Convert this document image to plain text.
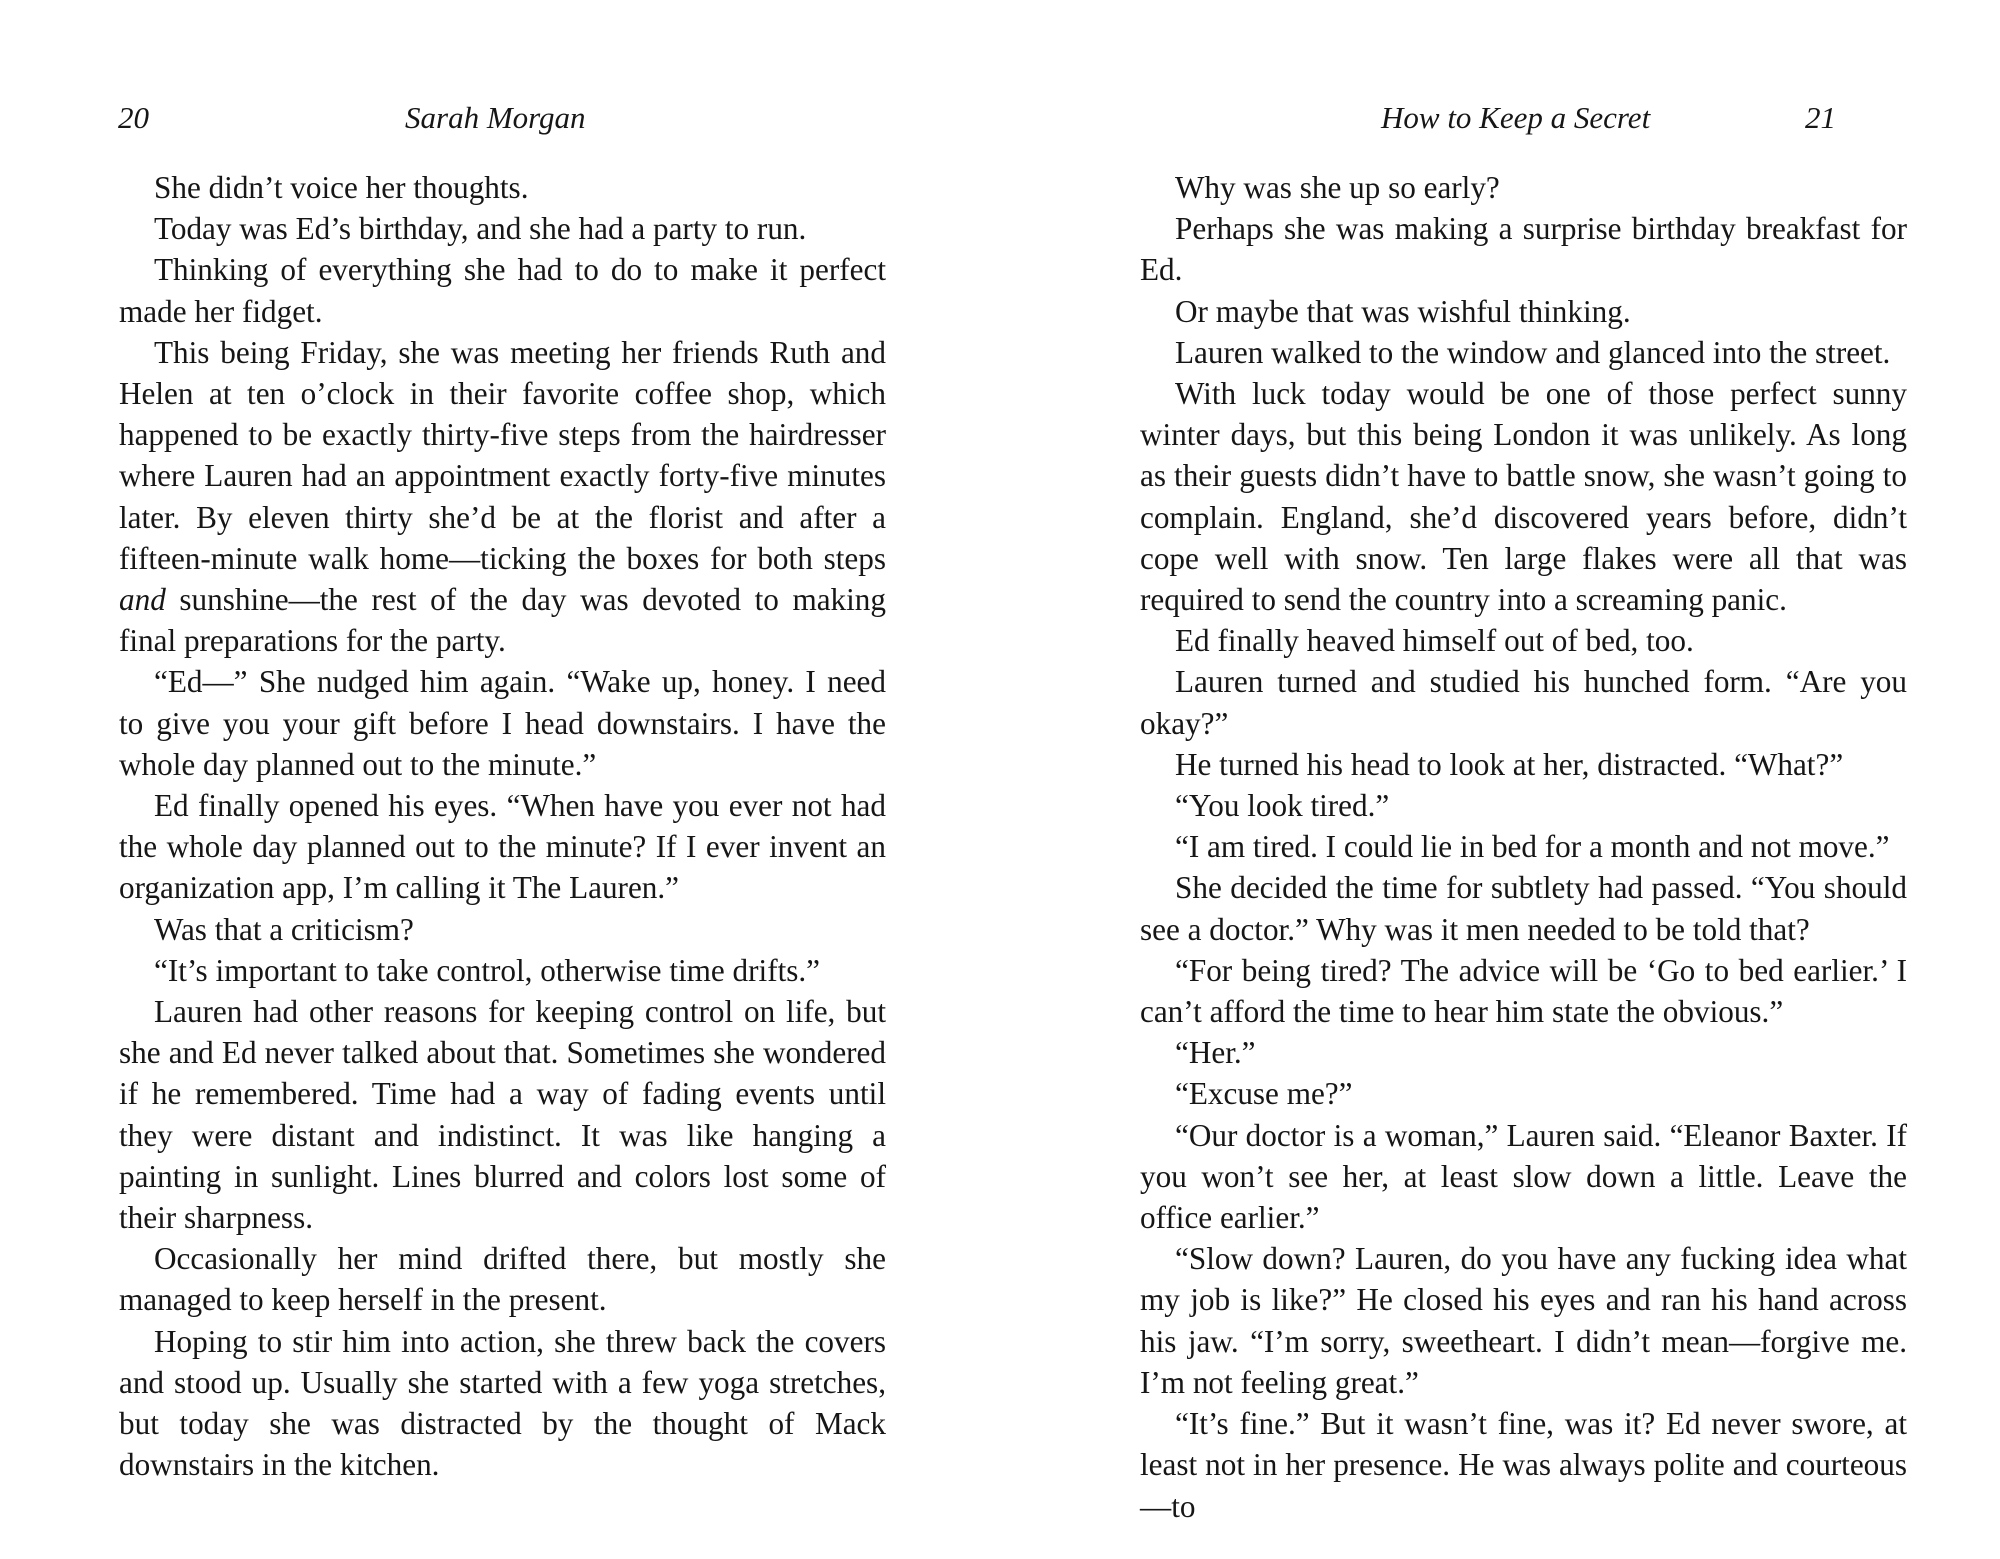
20	Sarah Morgan

She didn’t voice her thoughts.

Today was Ed’s birthday, and she had a party to run.

Thinking of everything she had to do to make it perfect made her fidget.

This being Friday, she was meeting her friends Ruth and Helen at ten o’clock in their favorite coffee shop, which happened to be exactly thirty-five steps from the hairdresser where Lauren had an appointment exactly forty-five minutes later. By eleven thirty she’d be at the florist and after a fifteen-minute walk home—ticking the boxes for both steps and sunshine—the rest of the day was devoted to making final preparations for the party.

“Ed—” She nudged him again. “Wake up, honey. I need to give you your gift before I head downstairs. I have the whole day planned out to the minute.”

Ed finally opened his eyes. “When have you ever not had the whole day planned out to the minute? If I ever invent an organization app, I’m calling it The Lauren.”

Was that a criticism?

“It’s important to take control, otherwise time drifts.”

Lauren had other reasons for keeping control on life, but she and Ed never talked about that. Sometimes she wondered if he remembered. Time had a way of fading events until they were distant and indistinct. It was like hanging a painting in sunlight. Lines blurred and colors lost some of their sharpness.

Occasionally her mind drifted there, but mostly she managed to keep herself in the present.

Hoping to stir him into action, she threw back the covers and stood up. Usually she started with a few yoga stretches, but today she was distracted by the thought of Mack downstairs in the kitchen.

How to Keep a Secret	21

Why was she up so early?

Perhaps she was making a surprise birthday breakfast for Ed.

Or maybe that was wishful thinking.

Lauren walked to the window and glanced into the street.

With luck today would be one of those perfect sunny winter days, but this being London it was unlikely. As long as their guests didn’t have to battle snow, she wasn’t going to complain. England, she’d discovered years before, didn’t cope well with snow. Ten large flakes were all that was required to send the country into a screaming panic.

Ed finally heaved himself out of bed, too.

Lauren turned and studied his hunched form. “Are you okay?”

He turned his head to look at her, distracted. “What?”

“You look tired.”

“I am tired. I could lie in bed for a month and not move.”

She decided the time for subtlety had passed. “You should see a doctor.” Why was it men needed to be told that?

“For being tired? The advice will be ‘Go to bed earlier.’ I can’t afford the time to hear him state the obvious.”

“Her.”

“Excuse me?”

“Our doctor is a woman,” Lauren said. “Eleanor Baxter. If you won’t see her, at least slow down a little. Leave the office earlier.”

“Slow down? Lauren, do you have any fucking idea what my job is like?” He closed his eyes and ran his hand across his jaw. “I’m sorry, sweetheart. I didn’t mean—forgive me. I’m not feeling great.”

“It’s fine.” But it wasn’t fine, was it? Ed never swore, at least not in her presence. He was always polite and courteous—to
